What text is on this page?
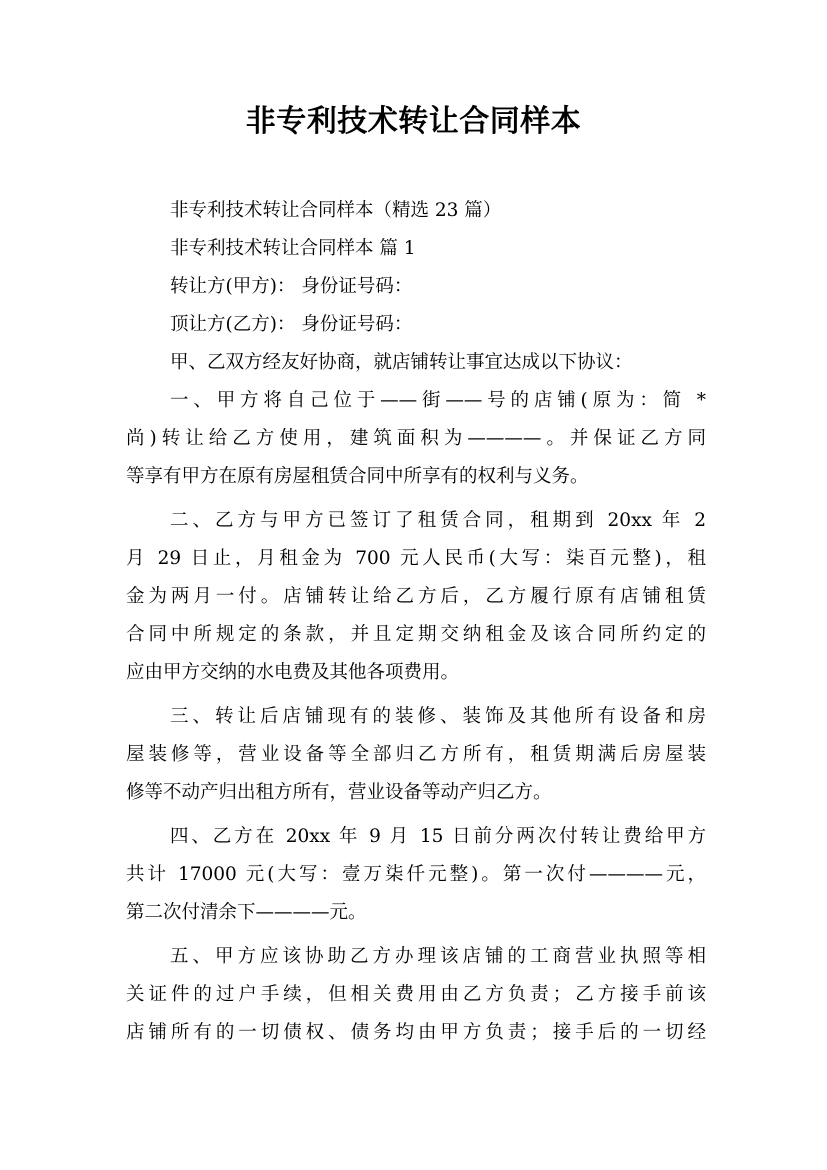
非专利技术转让合同样本
非专利技术转让合同样本（精选 23 篇）
非专利技术转让合同样本 篇 1
转让方(甲方)： 身份证号码：
顶让方(乙方)： 身份证号码：
甲、乙双方经友好协商，就店铺转让事宜达成以下协议：
一、甲方将自己位于——街——号的店铺(原为：简 *
尚)转让给乙方使用，建筑面积为————。并保证乙方同
等享有甲方在原有房屋租赁合同中所享有的权利与义务。
二、乙方与甲方已签订了租赁合同，租期到 20xx 年 2
月 29 日止，月租金为 700 元人民币(大写：柒百元整)，租
金为两月一付。店铺转让给乙方后，乙方履行原有店铺租赁
合同中所规定的条款，并且定期交纳租金及该合同所约定的
应由甲方交纳的水电费及其他各项费用。
三、转让后店铺现有的装修、装饰及其他所有设备和房
屋装修等，营业设备等全部归乙方所有，租赁期满后房屋装
修等不动产归出租方所有，营业设备等动产归乙方。
四、乙方在 20xx 年 9 月 15 日前分两次付转让费给甲方
共计 17000 元(大写：壹万柒仟元整)。第一次付————元，
第二次付清余下————元。
五、甲方应该协助乙方办理该店铺的工商营业执照等相
关证件的过户手续，但相关费用由乙方负责；乙方接手前该
店铺所有的一切债权、债务均由甲方负责；接手后的一切经
